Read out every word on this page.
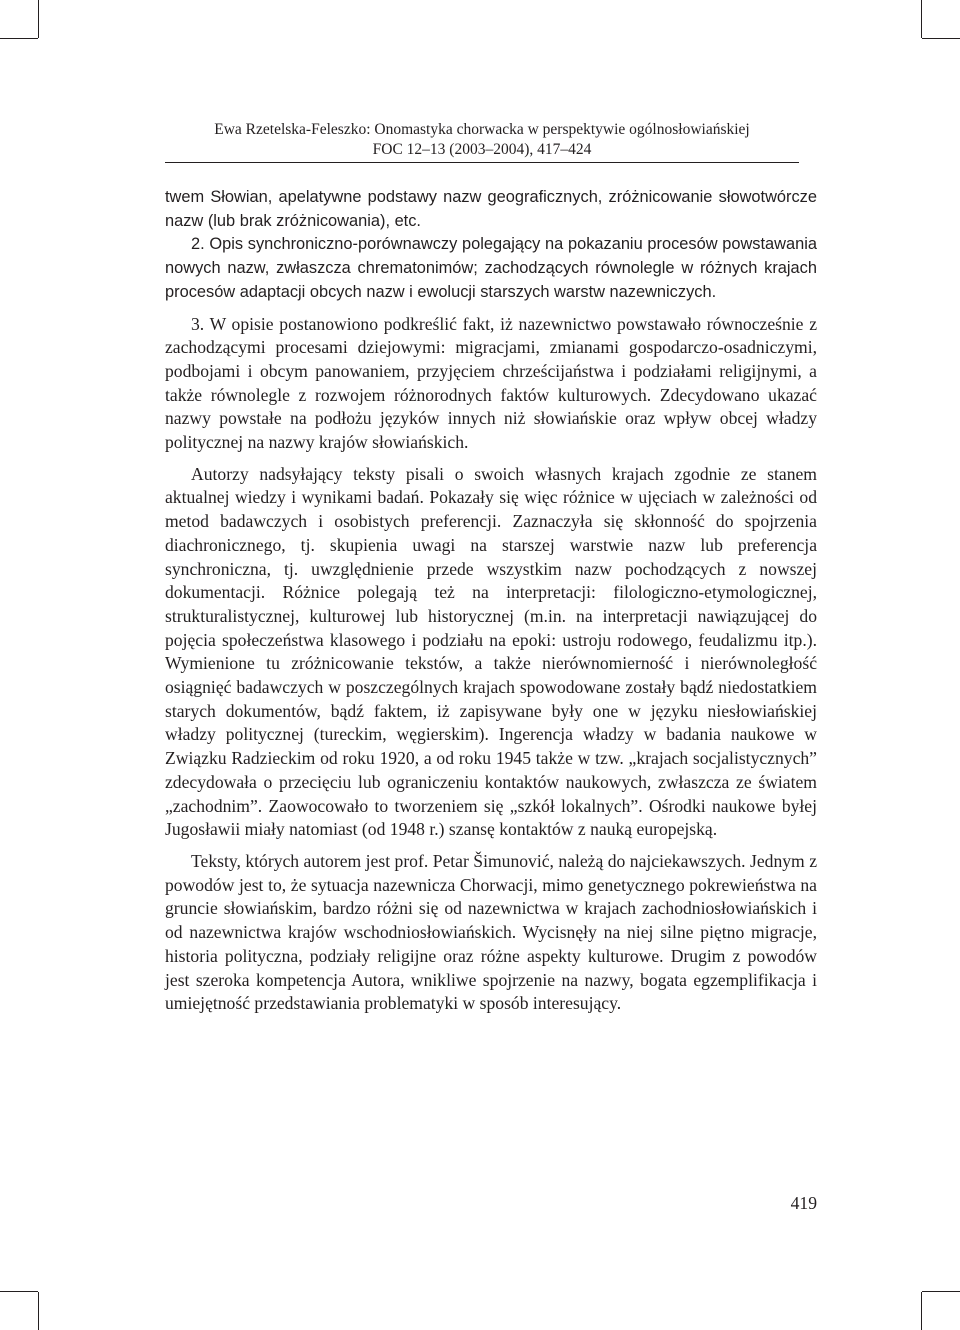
Ewa Rzetelska-Feleszko: Onomastyka chorwacka w perspektywie ogólnosłowiańskiej
FOC 12–13 (2003–2004), 417–424

twem Słowian, apelatywne podstawy nazw geograficznych, zróżnicowanie słowotwórcze nazw (lub brak zróżnicowania), etc.

2. Opis synchroniczno-porównawczy polegający na pokazaniu procesów powstawania nowych nazw, zwłaszcza chrematonimów; zachodzących równolegle w różnych krajach procesów adaptacji obcych nazw i ewolucji starszych warstw nazewniczych.

3. W opisie postanowiono podkreślić fakt, iż nazewnictwo powstawało równocześnie z zachodzącymi procesami dziejowymi: migracjami, zmianami gospodarczo-osadniczymi, podbojami i obcym panowaniem, przyjęciem chrześcijaństwa i podziałami religijnymi, a także równolegle z rozwojem różnorodnych faktów kulturowych. Zdecydowano ukazać nazwy powstałe na podłożu języków innych niż słowiańskie oraz wpływ obcej władzy politycznej na nazwy krajów słowiańskich.

Autorzy nadsyłający teksty pisali o swoich własnych krajach zgodnie ze stanem aktualnej wiedzy i wynikami badań. Pokazały się więc różnice w ujęciach w zależności od metod badawczych i osobistych preferencji. Zaznaczyła się skłonność do spojrzenia diachronicznego, tj. skupienia uwagi na starszej warstwie nazw lub preferencja synchroniczna, tj. uwzględnienie przede wszystkim nazw pochodzących z nowszej dokumentacji. Różnice polegają też na interpretacji: filologiczno-etymologicznej, strukturalistycznej, kulturowej lub historycznej (m.in. na interpretacji nawiązującej do pojęcia społeczeństwa klasowego i podziału na epoki: ustroju rodowego, feudalizmu itp.). Wymienione tu zróżnicowanie tekstów, a także nierównomierność i nierównoległość osiągnięć badawczych w poszczególnych krajach spowodowane zostały bądź niedostatkiem starych dokumentów, bądź faktem, iż zapisywane były one w języku niesłowiańskiej władzy politycznej (tureckim, węgierskim). Ingerencja władzy w badania naukowe w Związku Radzieckim od roku 1920, a od roku 1945 także w tzw. „krajach socjalistycznych” zdecydowała o przecięciu lub ograniczeniu kontaktów naukowych, zwłaszcza ze światem „zachodnim”. Zaowocowało to tworzeniem się „szkół lokalnych”. Ośrodki naukowe byłej Jugosławii miały natomiast (od 1948 r.) szansę kontaktów z nauką europejską.

Teksty, których autorem jest prof. Petar Šimunović, należą do najciekawszych. Jednym z powodów jest to, że sytuacja nazewnicza Chorwacji, mimo genetycznego pokrewieństwa na gruncie słowiańskim, bardzo różni się od nazewnictwa w krajach zachodniosłowiańskich i od nazewnictwa krajów wschodniosłowiańskich. Wycisnęły na niej silne piętno migracje, historia polityczna, podziały religijne oraz różne aspekty kulturowe. Drugim z powodów jest szeroka kompetencja Autora, wnikliwe spojrzenie na nazwy, bogata egzemplifikacja i umiejętność przedstawiania problematyki w sposób interesujący.

419
